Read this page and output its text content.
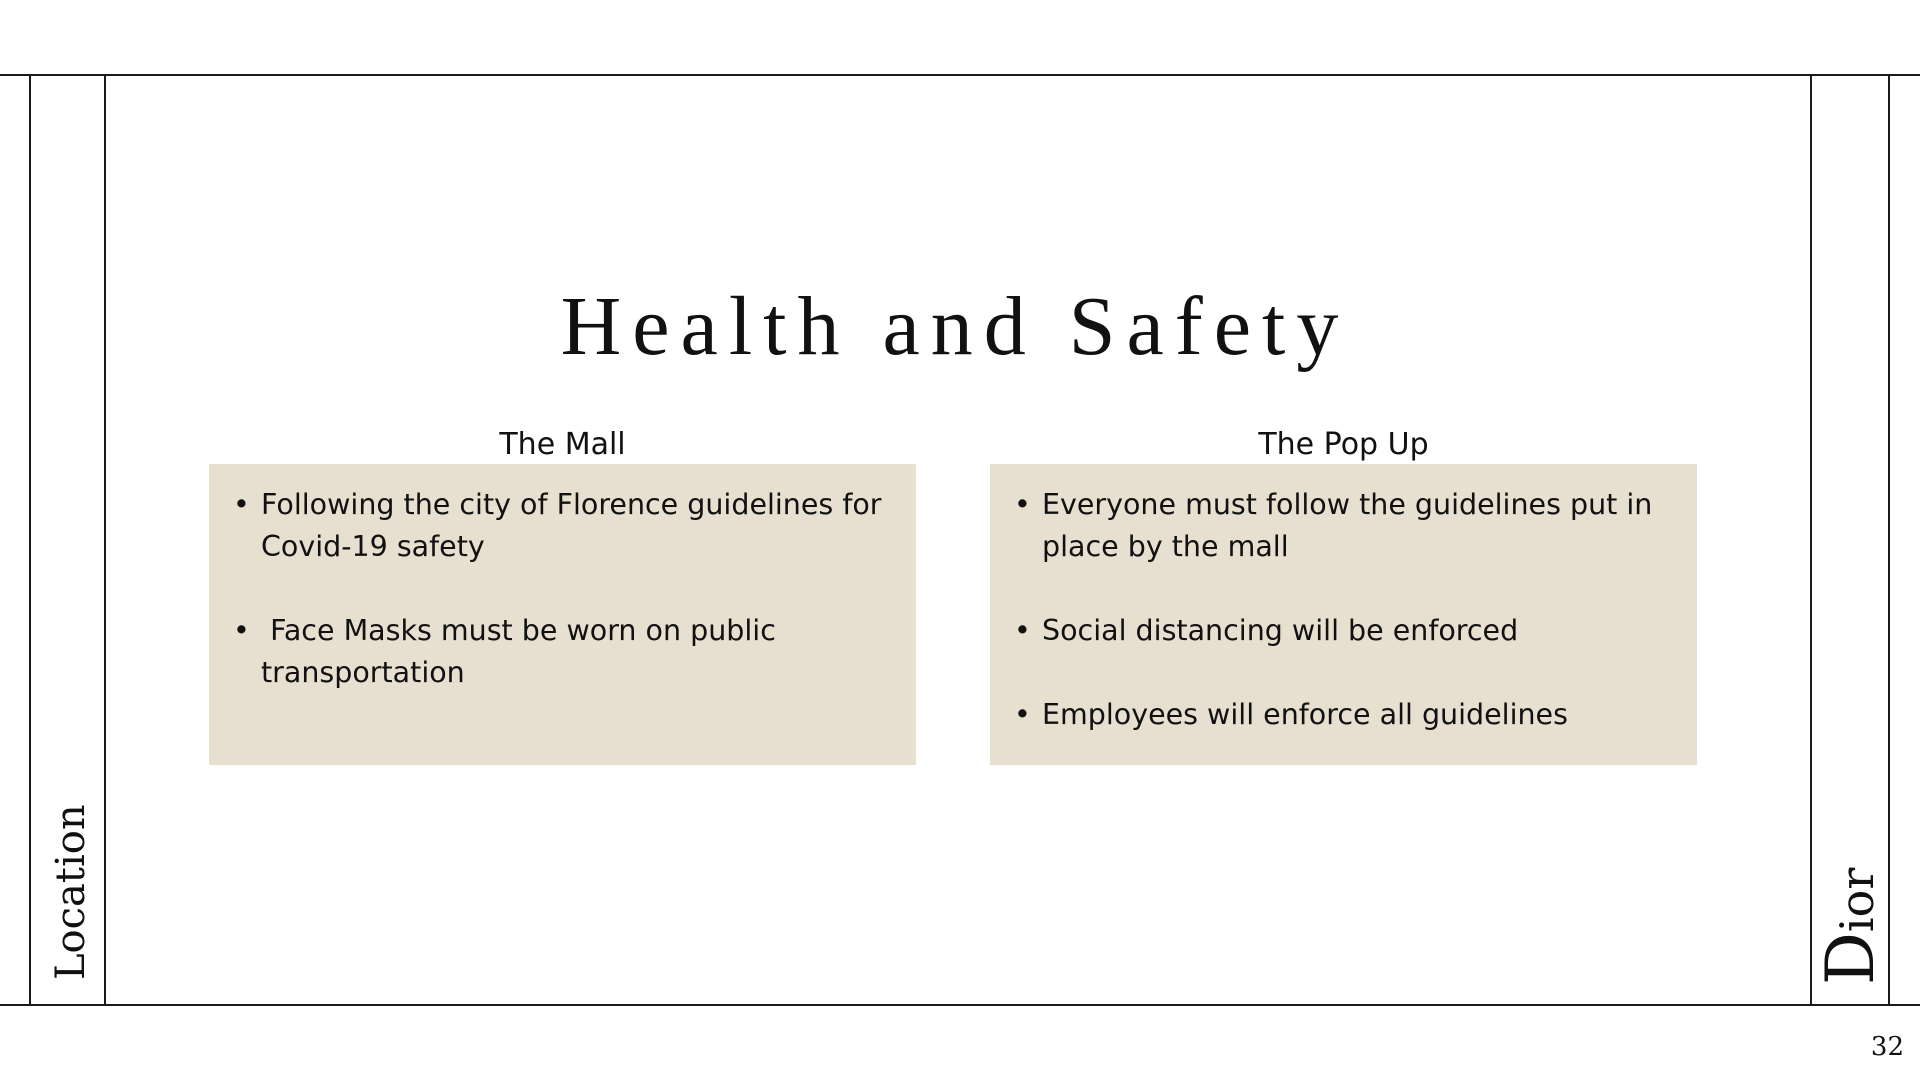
Location	Dior
Health and Safety
The Mall	The Pop Up
• Following the city of Florence guidelines for Covid-19 safety
• Face Masks must be worn on public transportation
• Everyone must follow the guidelines put in place by the mall
• Social distancing will be enforced
• Employees will enforce all guidelines
32
